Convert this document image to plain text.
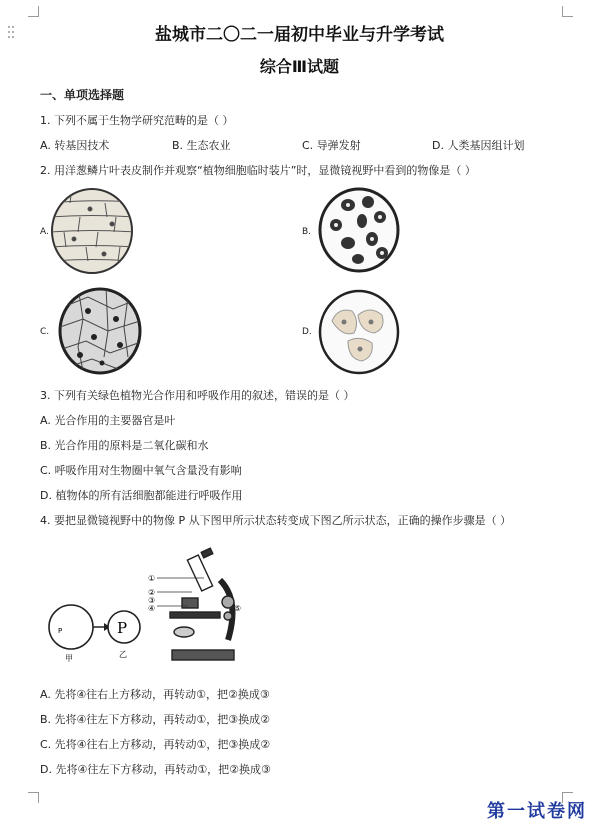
盐城市二〇二一届初中毕业与升学考试
综合Ⅲ试题
一、单项选择题
1. 下列不属于生物学研究范畴的是（ ）
A. 转基因技术	B. 生态农业	C. 导弹发射	D. 人类基因组计划
2. 用洋葱鳞片叶表皮制作并观察“植物细胞临时装片”时，显微镜视野中看到的物像是（ ）
A.	B.
C.	D.
3. 下列有关绿色植物光合作用和呼吸作用的叙述，错误的是（ ）
A. 光合作用的主要器官是叶
B. 光合作用的原料是二氧化碳和水
C. 呼吸作用对生物圈中氧气含量没有影响
D. 植物体的所有活细胞都能进行呼吸作用
4. 要把显微镜视野中的物像 P 从下图甲所示状态转变成下图乙所示状态，正确的操作步骤是（ ）
P
甲
P
乙
①
②
③
④	⑤
A. 先将④往右上方移动，再转动①，把②换成③
B. 先将④往左下方移动，再转动①，把③换成②
C. 先将④往右上方移动，再转动①，把③换成②
D. 先将④往左下方移动，再转动①，把②换成③
第一试卷网
